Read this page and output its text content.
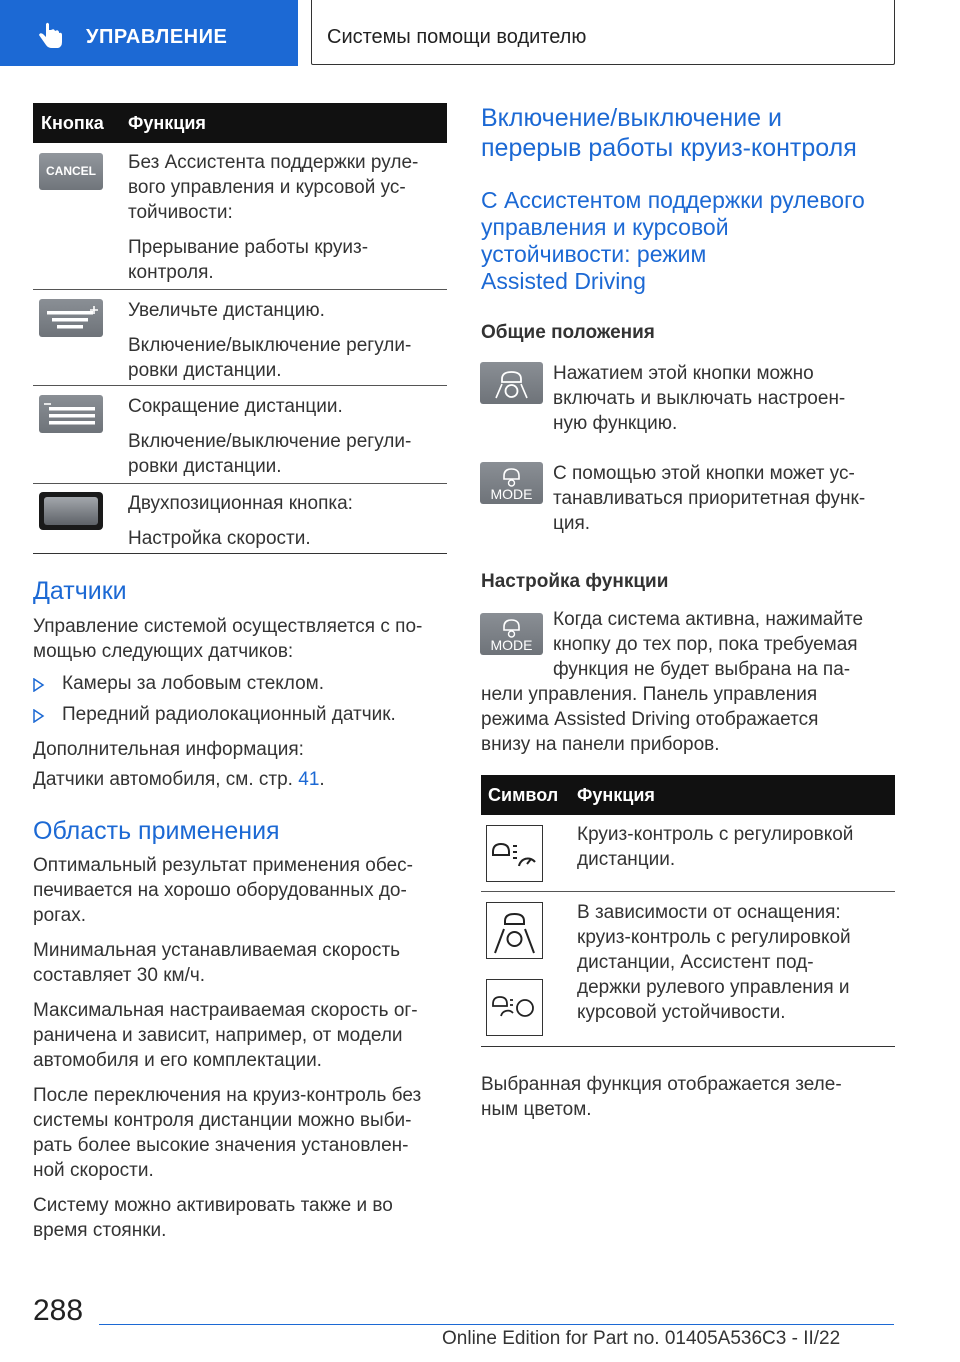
УПРАВЛЕНИЕ	Системы помощи водителю
Кнопка Функция
CANCEL	Без Ассистента поддержки руле-
вого управления и курсовой ус-
тойчивости:

Прерывание работы круиз-
контроля.

Увеличьте дистанцию.

Включение/выключение регули-
ровки дистанции.

Сокращение дистанции.

Включение/выключение регули-
ровки дистанции.

Двухпозиционная кнопка:

Настройка скорости.

Датчики

Управление системой осуществляется с по-
мощью следующих датчиков:

Камеры за лобовым стеклом.
Передний радиолокационный датчик.

Дополнительная информация:

Датчики автомобиля, см. стр. 41.

Область применения

Оптимальный результат применения обес-
печивается на хорошо оборудованных до-
рогах.

Минимальная устанавливаемая скорость
составляет 30 км/ч.

Максимальная настраиваемая скорость ог-
раничена и зависит, например, от модели
автомобиля и его комплектации.

После переключения на круиз-контроль без
системы контроля дистанции можно выби-
рать более высокие значения установлен-
ной скорости.

Систему можно активировать также и во
время стоянки.

Включение/выключение и
перерыв работы круиз-контроля
С Ассистентом поддержки рулевого
управления и курсовой
устойчивости: режим
Assisted Driving
Общие положения

Нажатием этой кнопки можно
включать и выключать настроен-
ную функцию.

MODE

С помощью этой кнопки может ус-
танавливаться приоритетная функ-
ция.

Настройка функции
MODE

Когда система активна, нажимайте
кнопку до тех пор, пока требуемая
функция не будет выбрана на па-

нели управления. Панель управления
режима Assisted Driving отображается
внизу на панели приборов.

Символ Функция

Круиз-контроль с регулировкой
дистанции.

В зависимости от оснащения:
круиз-контроль с регулировкой
дистанции, Ассистент под-
держки рулевого управления и
курсовой устойчивости.

Выбранная функция отображается зеле-
ным цветом.

288
Online Edition for Part no. 01405A536C3 - II/22
